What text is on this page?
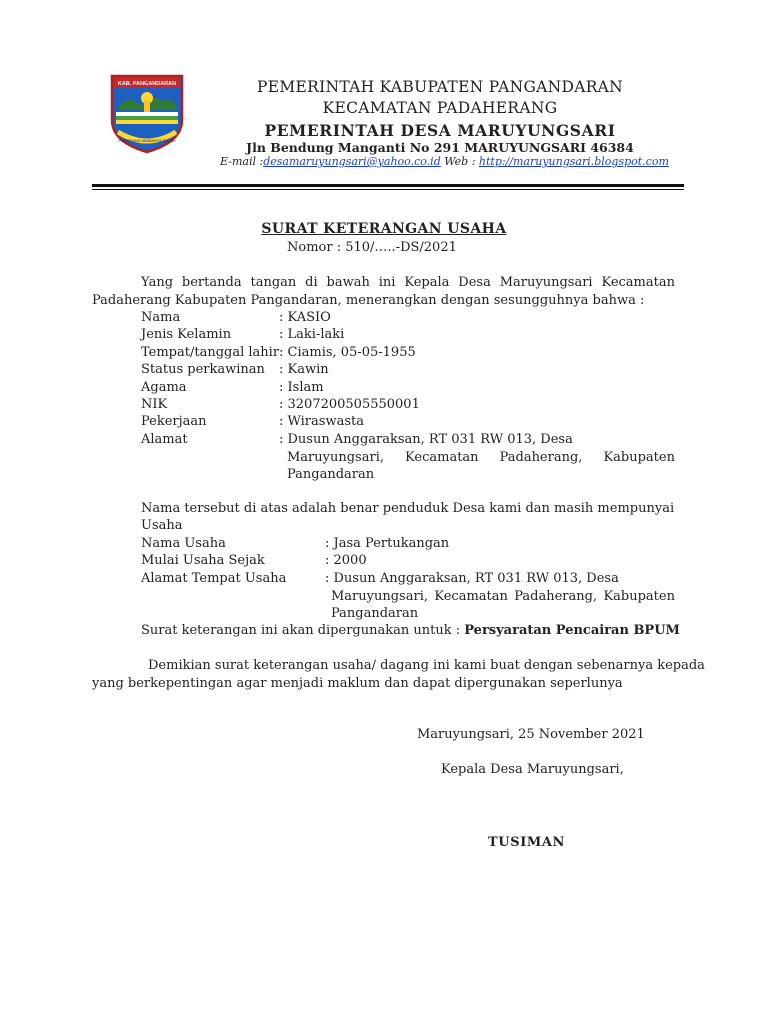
KAB. PANGANDARAN
PAGERANG MAWANTA BHUMI
PEMERINTAH KABUPATEN PANGANDARAN
KECAMATAN PADAHERANG
PEMERINTAH DESA MARUYUNGSARI
Jln Bendung Manganti No 291 MARUYUNGSARI 46384
E-mail :desamaruyungsari@yahoo.co.id Web : http://maruyungsari.blogspot.com
SURAT KETERANGAN USAHA
Nomor : 510/…..-DS/2021
Yang bertanda tangan di bawah ini Kepala Desa Maruyungsari Kecamatan
Padaherang Kabupaten Pangandaran, menerangkan dengan sesungguhnya bahwa :
Nama	: KASIO
Jenis Kelamin	: Laki-laki
Tempat/tanggal lahir : Ciamis, 05-05-1955
Status perkawinan : Kawin
Agama	: Islam
NIK	: 3207200505550001
Pekerjaan	: Wiraswasta
Alamat	: Dusun Anggaraksan, RT 031 RW 013, Desa
Maruyungsari, Kecamatan Padaherang, Kabupaten
Pangandaran
Nama tersebut di atas adalah benar penduduk Desa kami dan masih mempunyai
Usaha
Nama Usaha	: Jasa Pertukangan
Mulai Usaha Sejak	: 2000
Alamat Tempat Usaha	: Dusun Anggaraksan, RT 031 RW 013, Desa
Maruyungsari, Kecamatan Padaherang, Kabupaten
Pangandaran
Surat keterangan ini akan dipergunakan untuk : Persyaratan Pencairan BPUM
Demikian surat keterangan usaha/ dagang ini kami buat dengan sebenarnya kepada
yang berkepentingan agar menjadi maklum dan dapat dipergunakan seperlunya
Maruyungsari, 25 November 2021
Kepala Desa Maruyungsari,
TUSIMAN
